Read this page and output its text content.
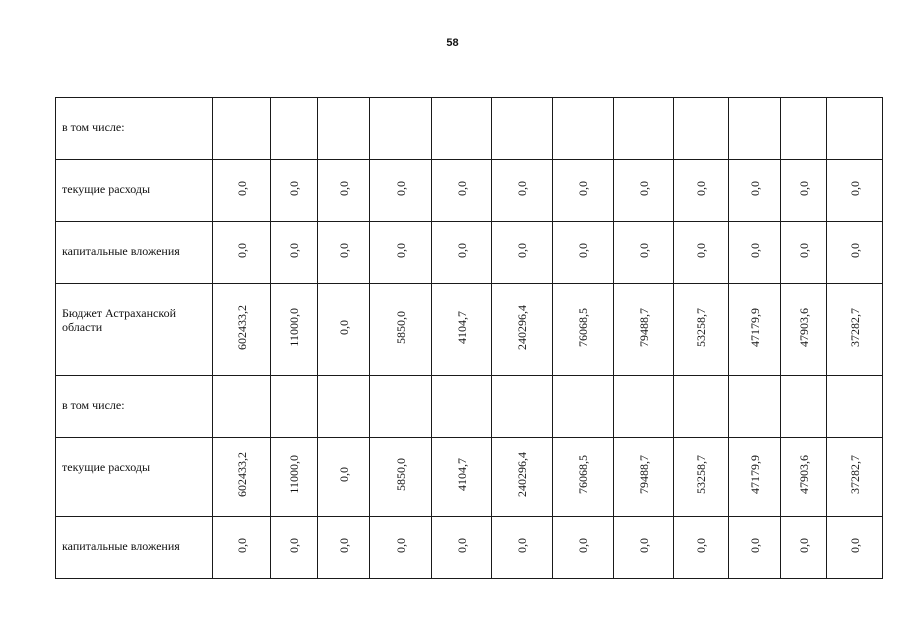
58
в том числе:												

текущие расходы	0,0	0,0	0,0	0,0	0,0	0,0	0,0	0,0	0,0	0,0	0,0	0,0

капитальные вложения	0,0	0,0	0,0	0,0	0,0	0,0	0,0	0,0	0,0	0,0	0,0	0,0

Бюджет Астраханской области	602433,2	11000,0	0,0	5850,0	4104,7	240296,4	76068,5	79488,7	53258,7	47179,9	47903,6	37282,7

в том числе:												

текущие расходы	602433,2	11000,0	0,0	5850,0	4104,7	240296,4	76068,5	79488,7	53258,7	47179,9	47903,6	37282,7

капитальные вложения	0,0	0,0	0,0	0,0	0,0	0,0	0,0	0,0	0,0	0,0	0,0	0,0
